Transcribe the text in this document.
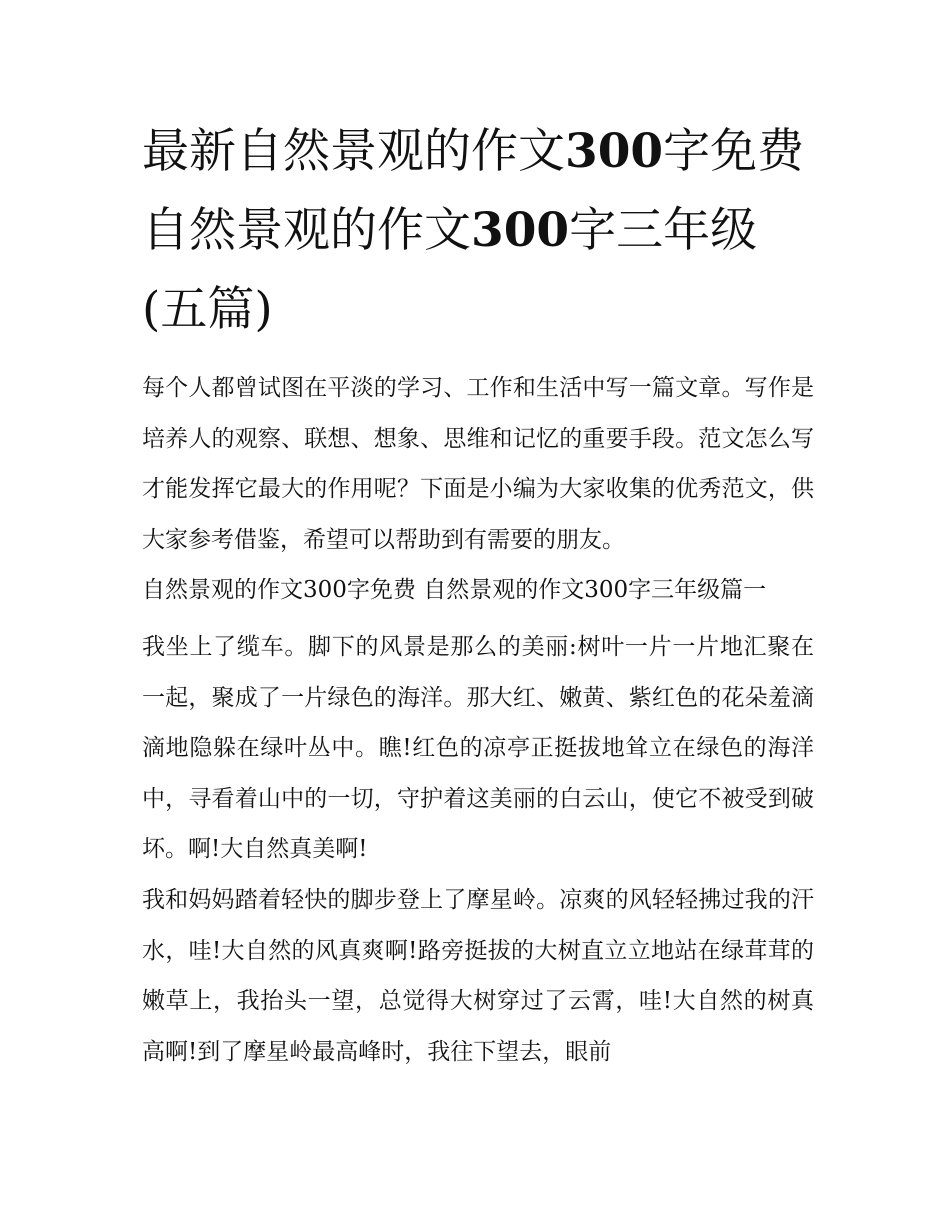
最新自然景观的作文300字免费 自然景观的作文300字三年级(五篇)

每个人都曾试图在平淡的学习、工作和生活中写一篇文章。写作是培养人的观察、联想、想象、思维和记忆的重要手段。范文怎么写才能发挥它最大的作用呢？下面是小编为大家收集的优秀范文，供大家参考借鉴，希望可以帮助到有需要的朋友。

自然景观的作文300字免费 自然景观的作文300字三年级篇一

我坐上了缆车。脚下的风景是那么的美丽:树叶一片一片地汇聚在一起，聚成了一片绿色的海洋。那大红、嫩黄、紫红色的花朵羞滴滴地隐躲在绿叶丛中。瞧!红色的凉亭正挺拔地耸立在绿色的海洋中，寻看着山中的一切，守护着这美丽的白云山，使它不被受到破坏。啊!大自然真美啊!

我和妈妈踏着轻快的脚步登上了摩星岭。凉爽的风轻轻拂过我的汗水，哇!大自然的风真爽啊!路旁挺拔的大树直立立地站在绿茸茸的嫩草上，我抬头一望，总觉得大树穿过了云霄，哇!大自然的树真高啊!到了摩星岭最高峰时，我往下望去，眼前
